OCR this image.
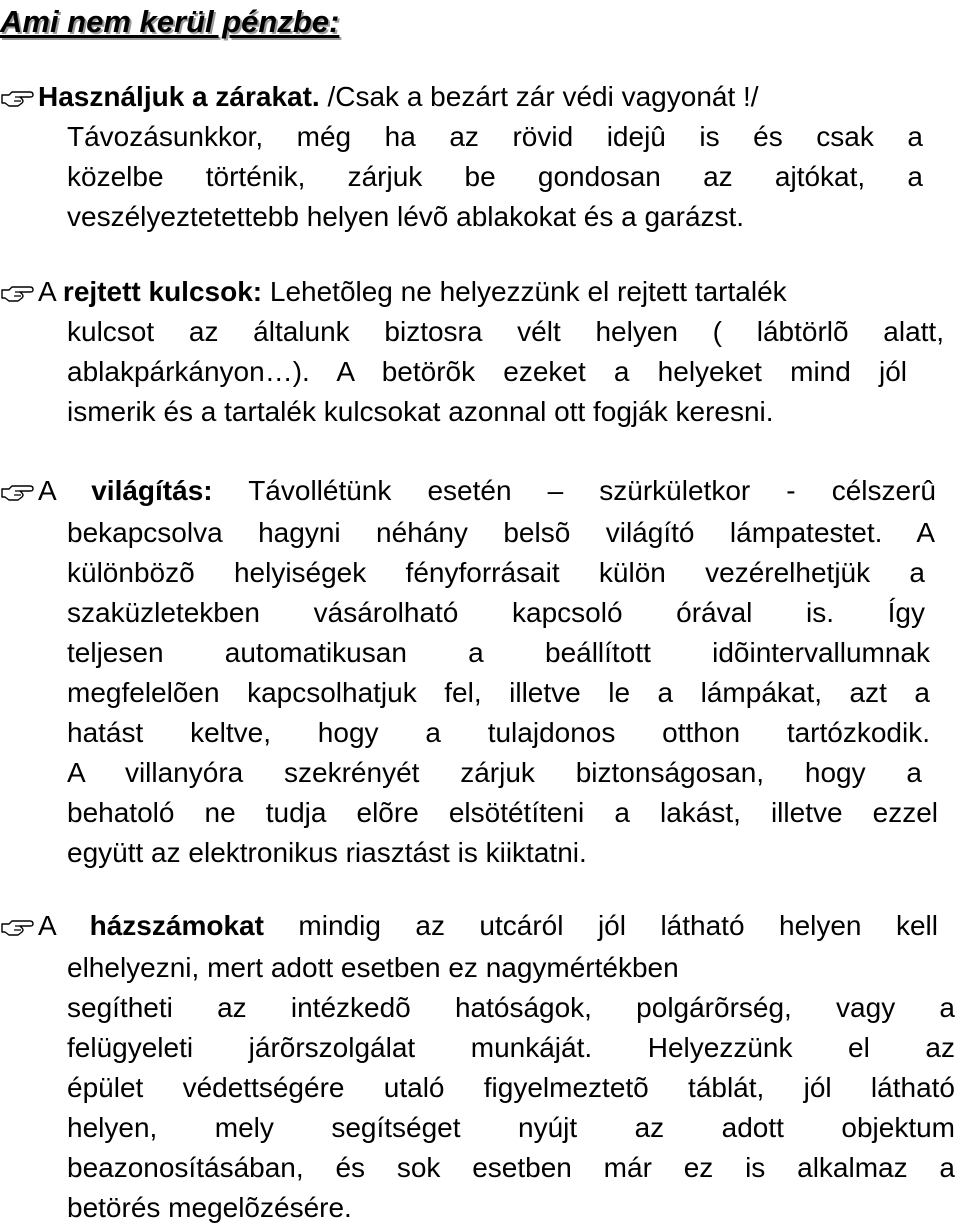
Ami nem kerül pénzbe:
Használjuk a zárakat. /Csak a bezárt zár védi vagyonát !/
Távozásunkkor, még ha az rövid idejû is és csak a
közelbe történik, zárjuk be gondosan az ajtókat, a
veszélyeztetettebb helyen lévõ ablakokat és a garázst.
A rejtett kulcsok: Lehetõleg ne helyezzünk el rejtett tartalék
kulcsot az általunk biztosra vélt helyen ( lábtörlõ alatt,
ablakpárkányon…). A betörõk ezeket a helyeket mind jól
ismerik és a tartalék kulcsokat azonnal ott fogják keresni.
A világítás: Távollétünk esetén – szürkületkor - célszerû
bekapcsolva hagyni néhány belsõ világító lámpatestet. A
különbözõ helyiségek fényforrásait külön vezérelhetjük a
szaküzletekben vásárolható kapcsoló órával is. Így
teljesen automatikusan a beállított idõintervallumnak
megfelelõen kapcsolhatjuk fel, illetve le a lámpákat, azt a
hatást keltve, hogy a tulajdonos otthon tartózkodik.
A villanyóra szekrényét zárjuk biztonságosan, hogy a
behatoló ne tudja elõre elsötétíteni a lakást, illetve ezzel
együtt az elektronikus riasztást is kiiktatni.
A házszámokat mindig az utcáról jól látható helyen kell
elhelyezni, mert adott esetben ez nagymértékben
segítheti az intézkedõ hatóságok, polgárõrség, vagy a
felügyeleti járõrszolgálat munkáját. Helyezzünk el az
épület védettségére utaló figyelmeztetõ táblát, jól látható
helyen, mely segítséget nyújt az adott objektum
beazonosításában, és sok esetben már ez is alkalmaz a
betörés megelõzésére.
